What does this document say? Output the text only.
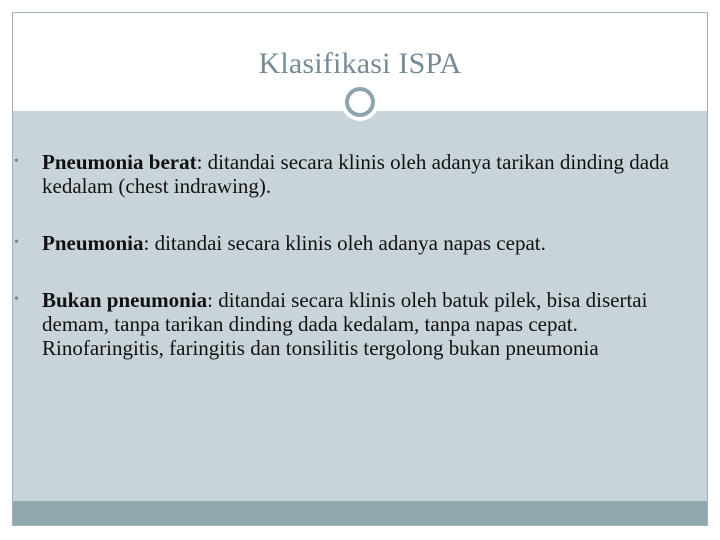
Klasifikasi ISPA
• Pneumonia berat: ditandai secara klinis oleh adanya tarikan dinding dada kedalam (chest indrawing).
• Pneumonia: ditandai secara klinis oleh adanya napas cepat.
• Bukan pneumonia: ditandai secara klinis oleh batuk pilek, bisa disertai demam, tanpa tarikan dinding dada kedalam, tanpa napas cepat. Rinofaringitis, faringitis dan tonsilitis tergolong bukan pneumonia
